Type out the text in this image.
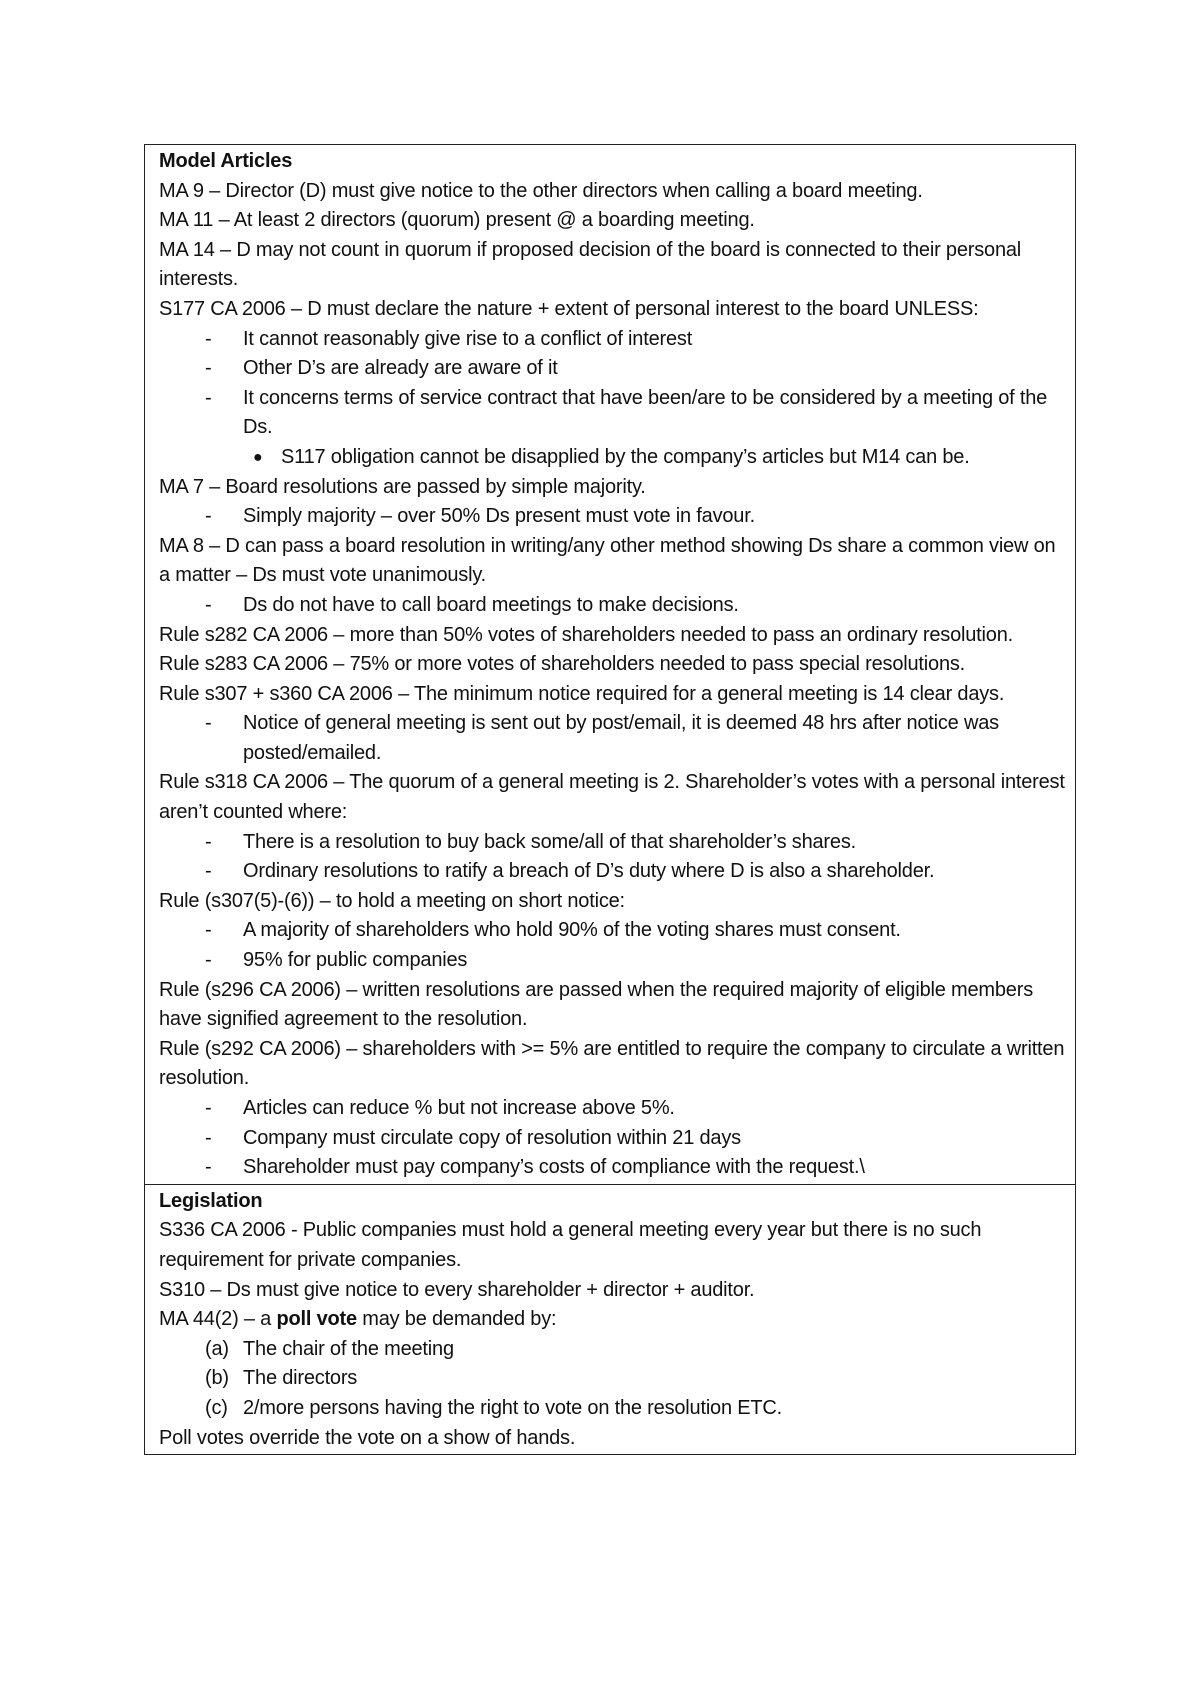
Model Articles
MA 9 – Director (D) must give notice to the other directors when calling a board meeting.
MA 11 – At least 2 directors (quorum) present @ a boarding meeting.
MA 14 – D may not count in quorum if proposed decision of the board is connected to their personal interests.
S177 CA 2006 – D must declare the nature + extent of personal interest to the board UNLESS:
-	It cannot reasonably give rise to a conflict of interest
-	Other D’s are already are aware of it
-	It concerns terms of service contract that have been/are to be considered by a meeting of the Ds.
● S117 obligation cannot be disapplied by the company’s articles but M14 can be.
MA 7 – Board resolutions are passed by simple majority.
-	Simply majority – over 50% Ds present must vote in favour.
MA 8 – D can pass a board resolution in writing/any other method showing Ds share a common view on a matter – Ds must vote unanimously.
-	Ds do not have to call board meetings to make decisions.
Rule s282 CA 2006 – more than 50% votes of shareholders needed to pass an ordinary resolution.
Rule s283 CA 2006 – 75% or more votes of shareholders needed to pass special resolutions.
Rule s307 + s360 CA 2006 – The minimum notice required for a general meeting is 14 clear days.
-	Notice of general meeting is sent out by post/email, it is deemed 48 hrs after notice was posted/emailed.
Rule s318 CA 2006 – The quorum of a general meeting is 2. Shareholder’s votes with a personal interest aren’t counted where:
-	There is a resolution to buy back some/all of that shareholder’s shares.
-	Ordinary resolutions to ratify a breach of D’s duty where D is also a shareholder.
Rule (s307(5)-(6)) – to hold a meeting on short notice:
-	A majority of shareholders who hold 90% of the voting shares must consent.
-	95% for public companies
Rule (s296 CA 2006) – written resolutions are passed when the required majority of eligible members have signified agreement to the resolution.
Rule (s292 CA 2006) – shareholders with >= 5% are entitled to require the company to circulate a written resolution.
-	Articles can reduce % but not increase above 5%.
-	Company must circulate copy of resolution within 21 days
-	Shareholder must pay company’s costs of compliance with the request.\
Legislation
S336 CA 2006 - Public companies must hold a general meeting every year but there is no such requirement for private companies.
S310 – Ds must give notice to every shareholder + director + auditor.
MA 44(2) – a poll vote may be demanded by:
(a) The chair of the meeting
(b) The directors
(c) 2/more persons having the right to vote on the resolution ETC.
Poll votes override the vote on a show of hands.
